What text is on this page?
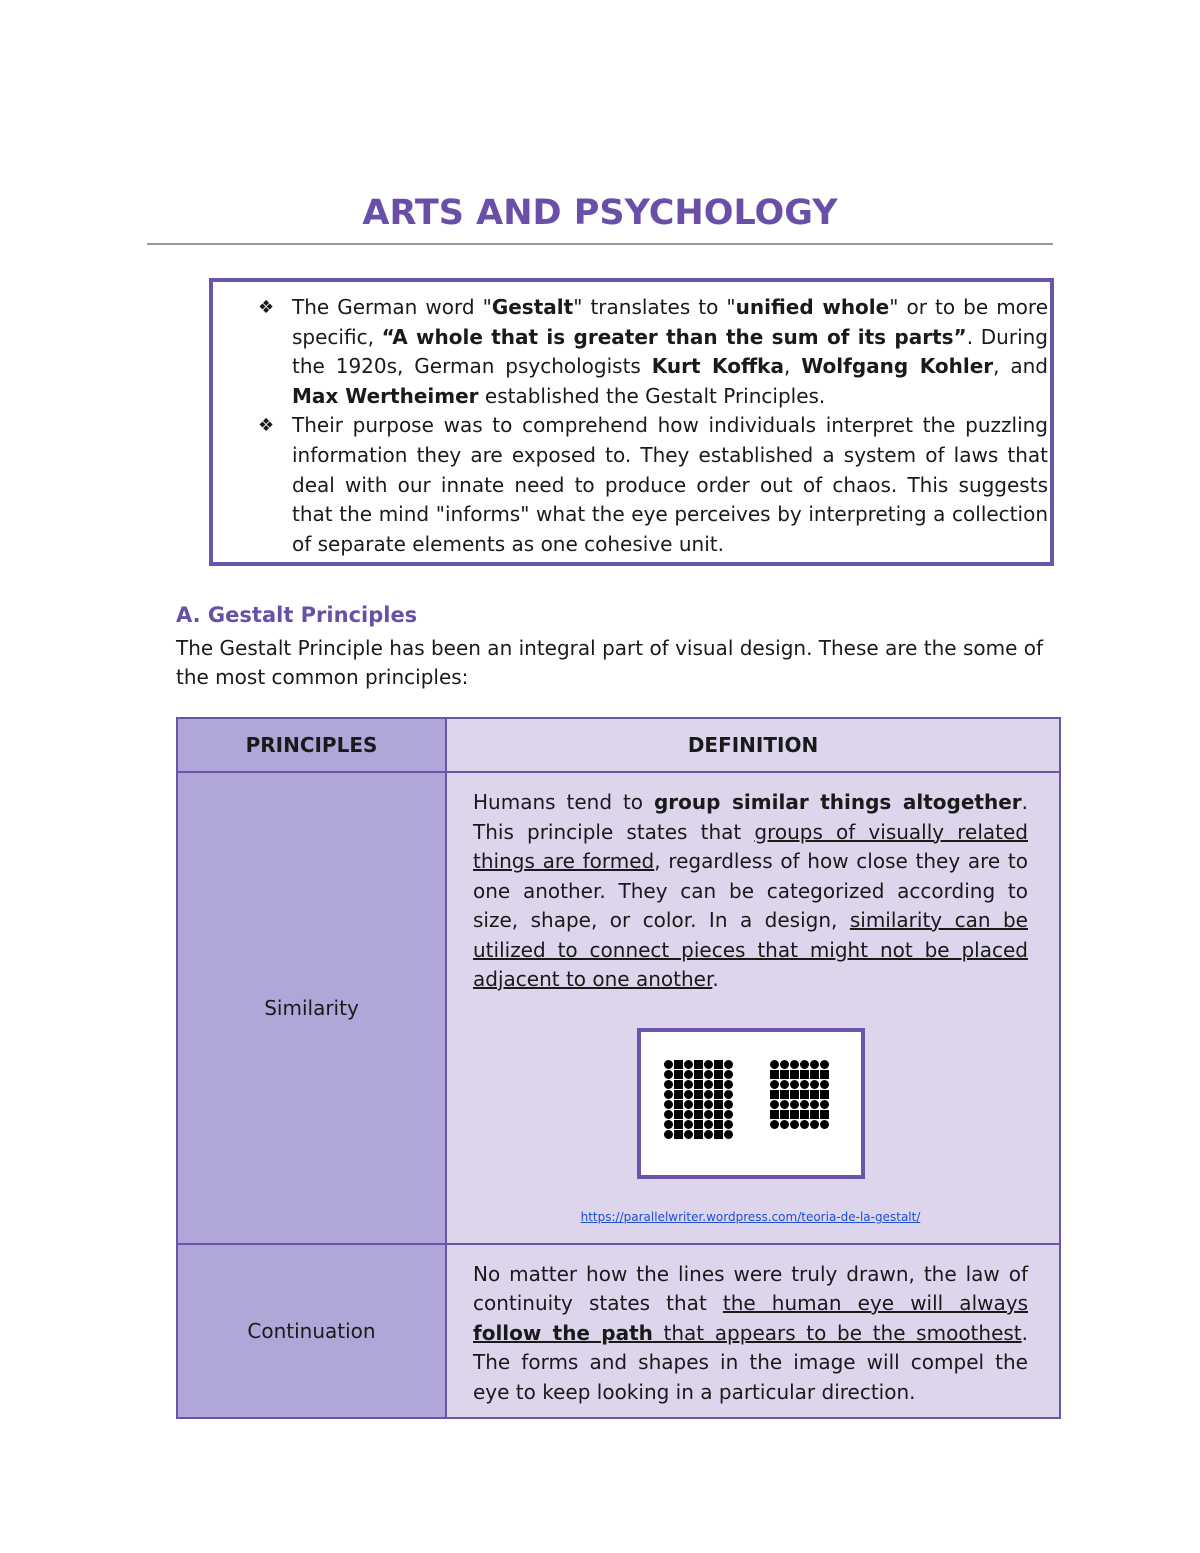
ARTS AND PSYCHOLOGY
❖ The German word "Gestalt" translates to "unified whole" or to be more specific, “A whole that is greater than the sum of its parts”. During the 1920s, German psychologists Kurt Koffka, Wolfgang Kohler, and Max Wertheimer established the Gestalt Principles.
❖ Their purpose was to comprehend how individuals interpret the puzzling information they are exposed to. They established a system of laws that deal with our innate need to produce order out of chaos. This suggests that the mind "informs" what the eye perceives by interpreting a collection of separate elements as one cohesive unit.
A. Gestalt Principles
The Gestalt Principle has been an integral part of visual design. These are the some of the most common principles:
PRINCIPLES	DEFINITION
Similarity	Humans tend to group similar things altogether. This principle states that groups of visually related things are formed, regardless of how close they are to one another. They can be categorized according to size, shape, or color. In a design, similarity can be utilized to connect pieces that might not be placed adjacent to one another.
https://parallelwriter.wordpress.com/teoria-de-la-gestalt/

Continuation	No matter how the lines were truly drawn, the law of continuity states that the human eye will always follow the path that appears to be the smoothest. The forms and shapes in the image will compel the eye to keep looking in a particular direction.
